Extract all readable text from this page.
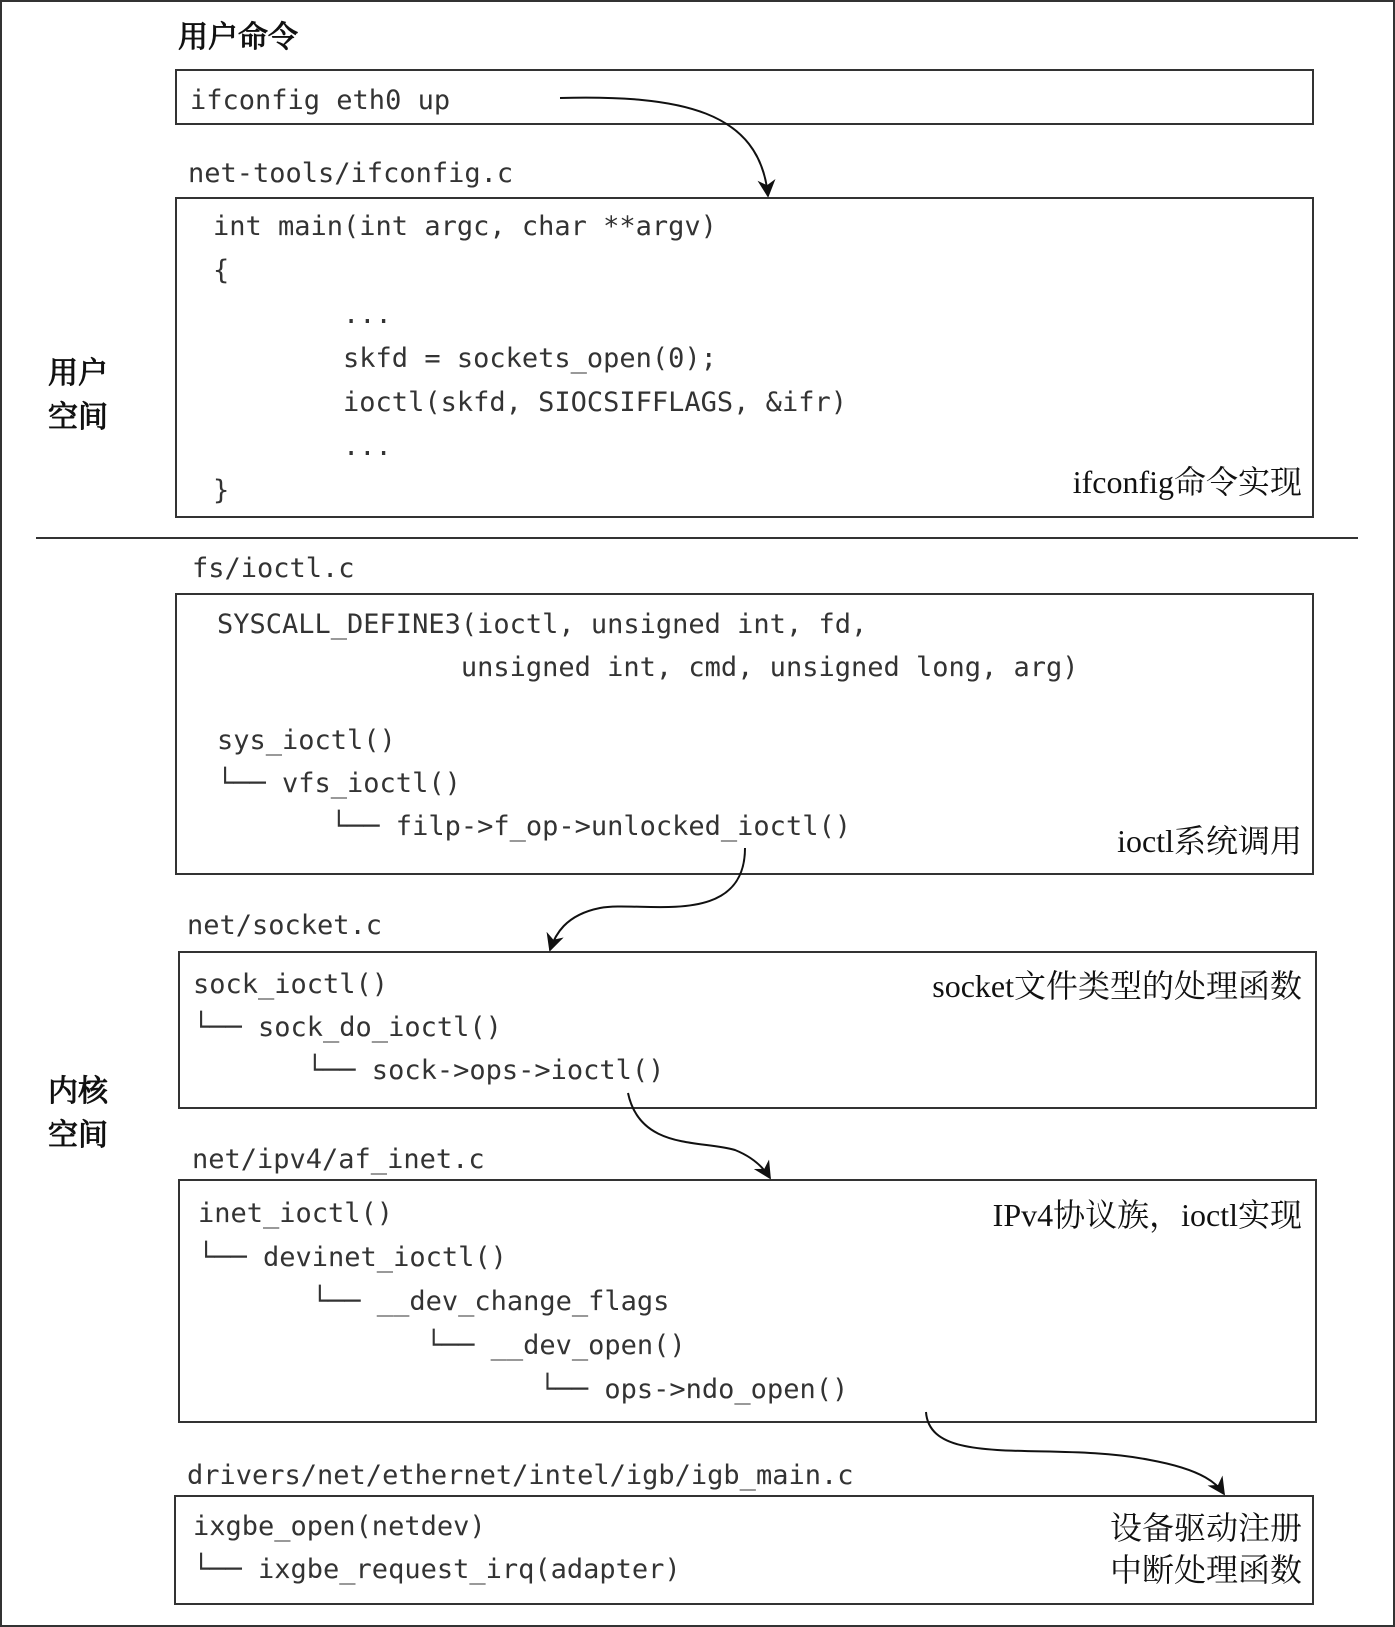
用户命令
用户
空间
内核
空间
ifconfig eth0 up
net-tools/ifconfig.c
int main(int argc, char **argv)
{
...
skfd = sockets_open(0);
ioctl(skfd, SIOCSIFFLAGS, &ifr)
...
}	ifconfig命令实现
fs/ioctl.c
SYSCALL_DEFINE3(ioctl, unsigned int, fd,
unsigned int, cmd, unsigned long, arg)
sys_ioctl()
└── vfs_ioctl()
└── filp->f_op->unlocked_ioctl()	ioctl系统调用
net/socket.c
sock_ioctl()
└── sock_do_ioctl()
└── sock->ops->ioctl()
socket文件类型的处理函数
net/ipv4/af_inet.c
inet_ioctl()
└── devinet_ioctl()
└── __dev_change_flags
└── __dev_open()
└── ops->ndo_open()
IPv4协议族，ioctl实现
drivers/net/ethernet/intel/igb/igb_main.c
ixgbe_open(netdev)
└── ixgbe_request_irq(adapter)
设备驱动注册
中断处理函数
